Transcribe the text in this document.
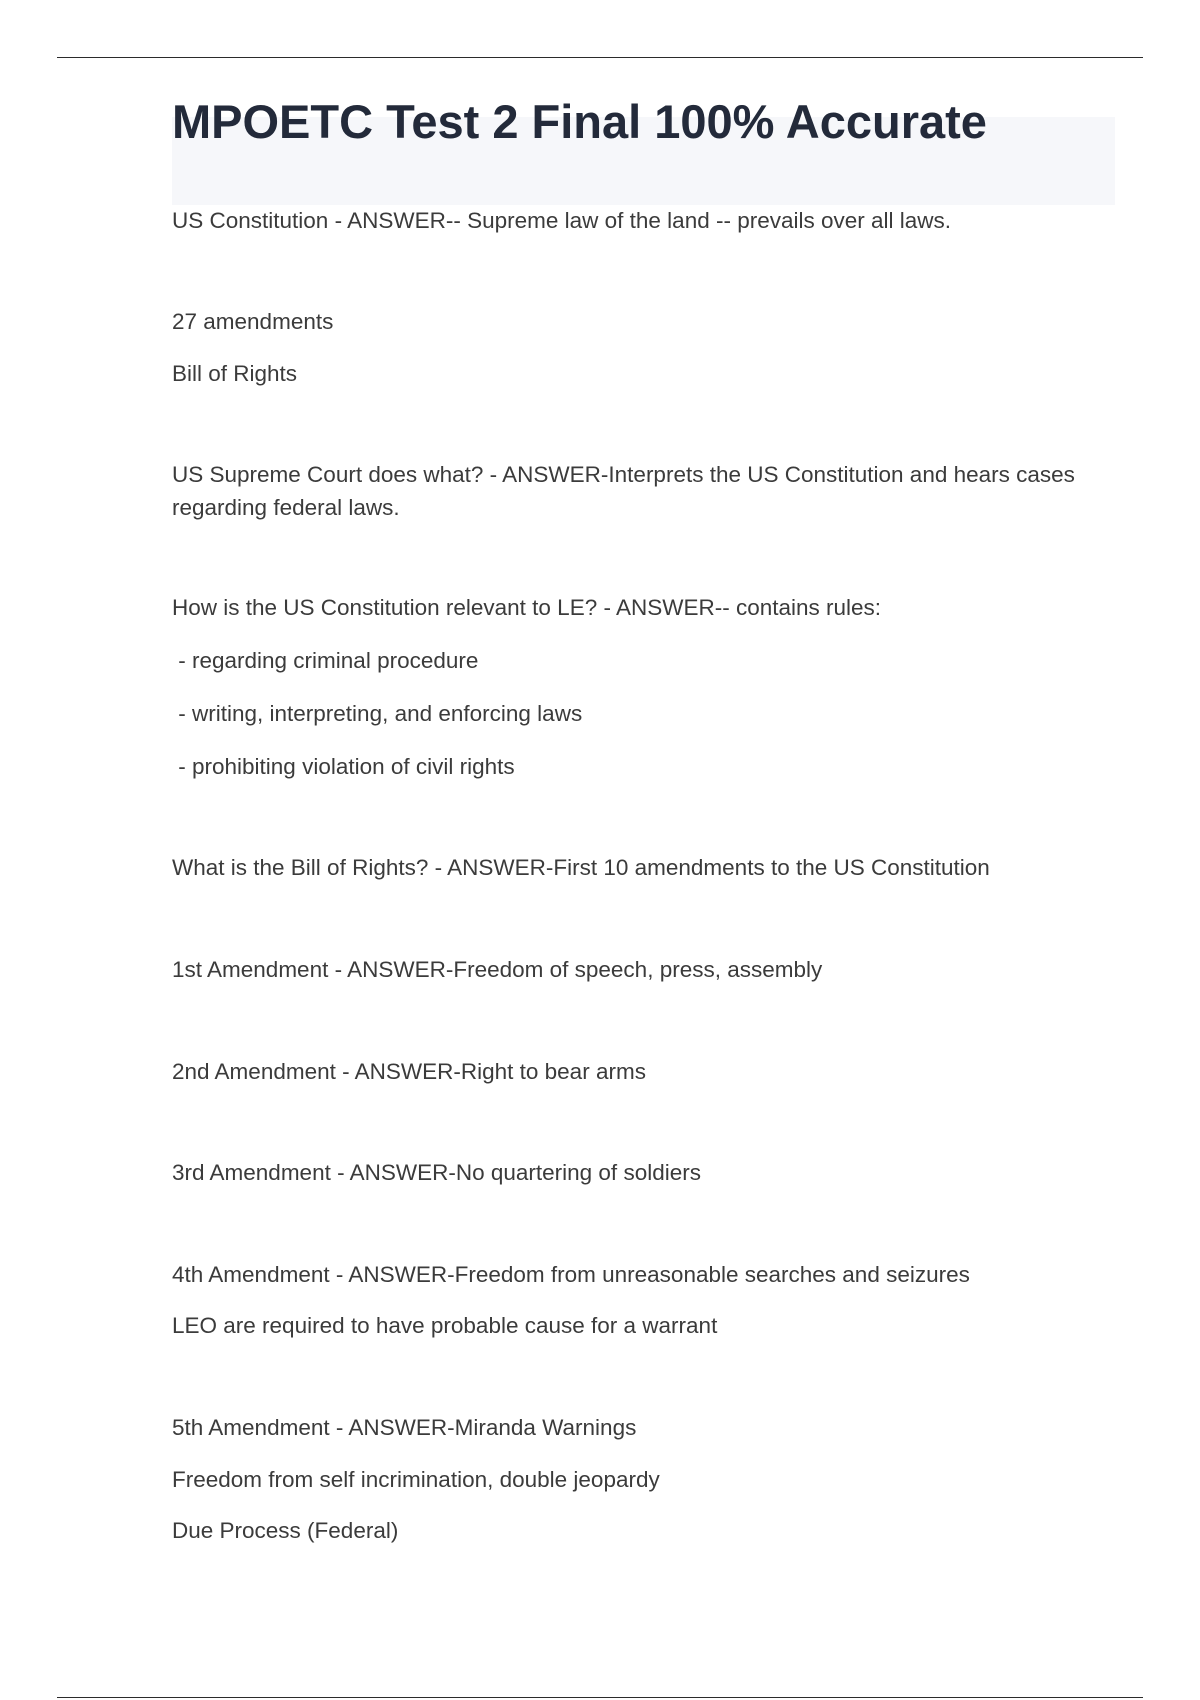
MPOETC Test 2 Final 100% Accurate

US Constitution - ANSWER-- Supreme law of the land -- prevails over all laws.

27 amendments

Bill of Rights

US Supreme Court does what? - ANSWER-Interprets the US Constitution and hears cases regarding federal laws.

How is the US Constitution relevant to LE? - ANSWER-- contains rules:

- regarding criminal procedure

- writing, interpreting, and enforcing laws

- prohibiting violation of civil rights

What is the Bill of Rights? - ANSWER-First 10 amendments to the US Constitution

1st Amendment - ANSWER-Freedom of speech, press, assembly

2nd Amendment - ANSWER-Right to bear arms

3rd Amendment - ANSWER-No quartering of soldiers

4th Amendment - ANSWER-Freedom from unreasonable searches and seizures

LEO are required to have probable cause for a warrant

5th Amendment - ANSWER-Miranda Warnings

Freedom from self incrimination, double jeopardy

Due Process (Federal)
